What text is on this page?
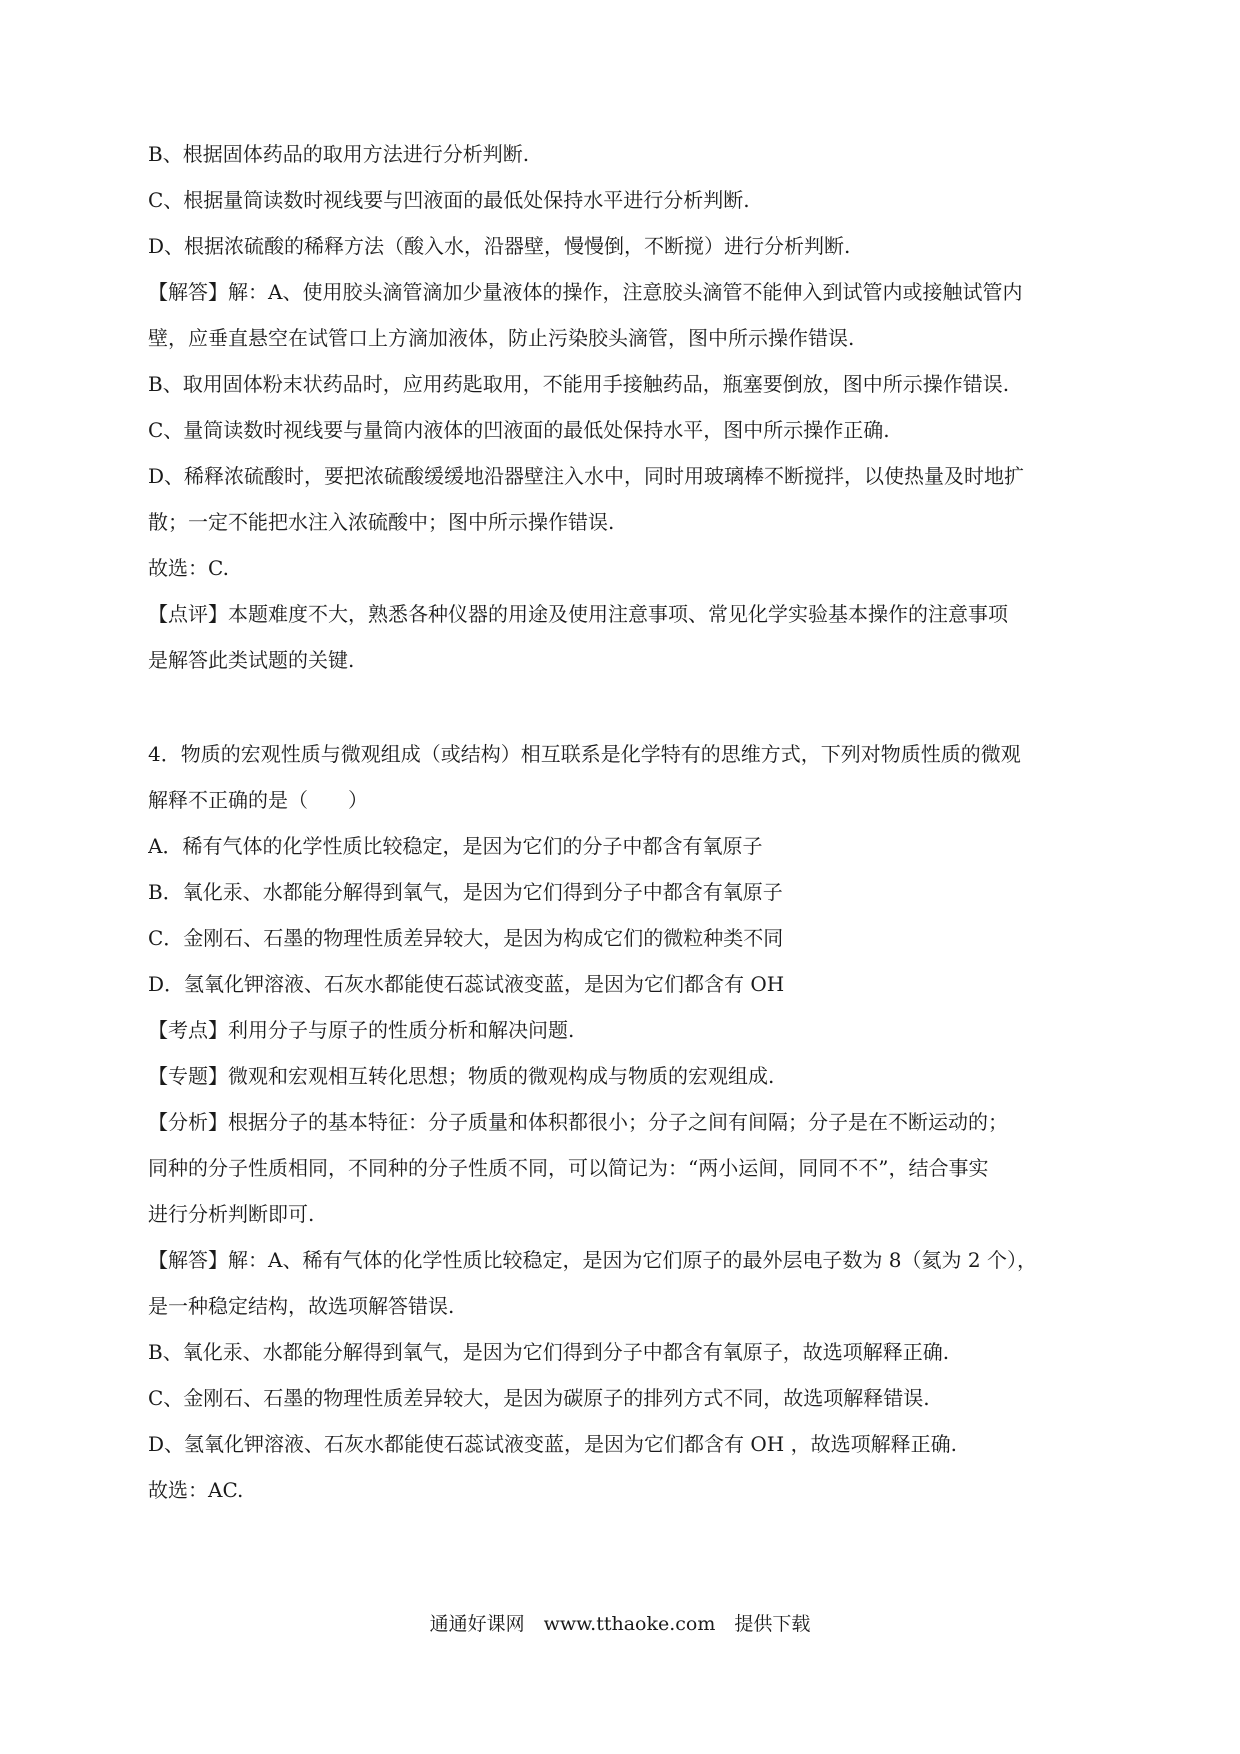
B、根据固体药品的取用方法进行分析判断.
C、根据量筒读数时视线要与凹液面的最低处保持水平进行分析判断.
D、根据浓硫酸的稀释方法（酸入水，沿器壁，慢慢倒，不断搅）进行分析判断.
【解答】解：A、使用胶头滴管滴加少量液体的操作，注意胶头滴管不能伸入到试管内或接触试管内
壁，应垂直悬空在试管口上方滴加液体，防止污染胶头滴管，图中所示操作错误.
B、取用固体粉末状药品时，应用药匙取用，不能用手接触药品，瓶塞要倒放，图中所示操作错误.
C、量筒读数时视线要与量筒内液体的凹液面的最低处保持水平，图中所示操作正确.
D、稀释浓硫酸时，要把浓硫酸缓缓地沿器壁注入水中，同时用玻璃棒不断搅拌，以使热量及时地扩
散；一定不能把水注入浓硫酸中；图中所示操作错误.
故选：C.
【点评】本题难度不大，熟悉各种仪器的用途及使用注意事项、常见化学实验基本操作的注意事项
是解答此类试题的关键.
4．物质的宏观性质与微观组成（或结构）相互联系是化学特有的思维方式，下列对物质性质的微观
解释不正确的是（　　）
A．稀有气体的化学性质比较稳定，是因为它们的分子中都含有氧原子
B．氧化汞、水都能分解得到氧气，是因为它们得到分子中都含有氧原子
C．金刚石、石墨的物理性质差异较大，是因为构成它们的微粒种类不同
D．氢氧化钾溶液、石灰水都能使石蕊试液变蓝，是因为它们都含有 OH
【考点】利用分子与原子的性质分析和解决问题.
【专题】微观和宏观相互转化思想；物质的微观构成与物质的宏观组成.
【分析】根据分子的基本特征：分子质量和体积都很小；分子之间有间隔；分子是在不断运动的；
同种的分子性质相同，不同种的分子性质不同，可以简记为：“两小运间，同同不不”，结合事实
进行分析判断即可.
【解答】解：A、稀有气体的化学性质比较稳定，是因为它们原子的最外层电子数为 8（氦为 2 个），
是一种稳定结构，故选项解答错误.
B、氧化汞、水都能分解得到氧气，是因为它们得到分子中都含有氧原子，故选项解释正确.
C、金刚石、石墨的物理性质差异较大，是因为碳原子的排列方式不同，故选项解释错误.
D、氢氧化钾溶液、石灰水都能使石蕊试液变蓝，是因为它们都含有 OH ，故选项解释正确.
故选：AC.
通通好课网　www.tthaoke.com　提供下载
